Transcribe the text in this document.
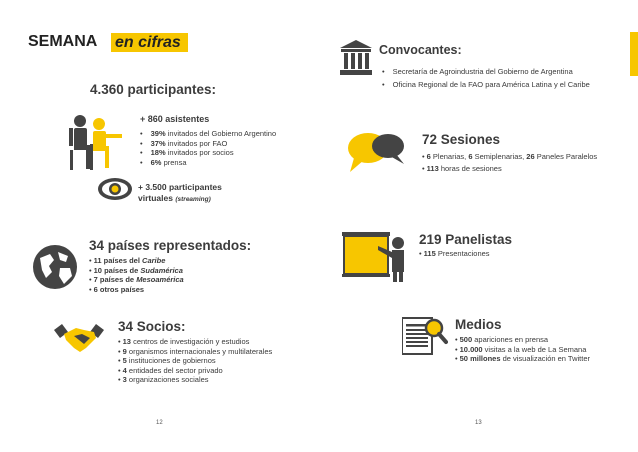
SEMANA en cifras
4.360 participantes:
+ 860 asistentes
• 39% invitados del Gobierno Argentino
• 37% invitados por FAO
• 18% invitados por socios
• 6% prensa
+ 3.500 participantes
virtuales (streaming)
34 países representados:
• 11 países del Caribe
• 10 países de Sudamérica
• 7 países de Mesoamérica
• 6 otros países
34 Socios:
• 13 centros de investigación y estudios
• 9 organismos internacionales y multilaterales
• 5 instituciones de gobiernos
• 4 entidades del sector privado
• 3 organizaciones sociales
12
Convocantes:
• Secretaría de Agroindustria del Gobierno de Argentina
• Oficina Regional de la FAO para América Latina y el Caribe
72 Sesiones
• 6 Plenarias, 6 Semiplenarias, 26 Paneles Paralelos
• 113 horas de sesiones
219 Panelistas
• 115 Presentaciones
Medios
• 500 apariciones en prensa
• 10.000 visitas a la web de La Semana
• 50 millones de visualización en Twitter
13
